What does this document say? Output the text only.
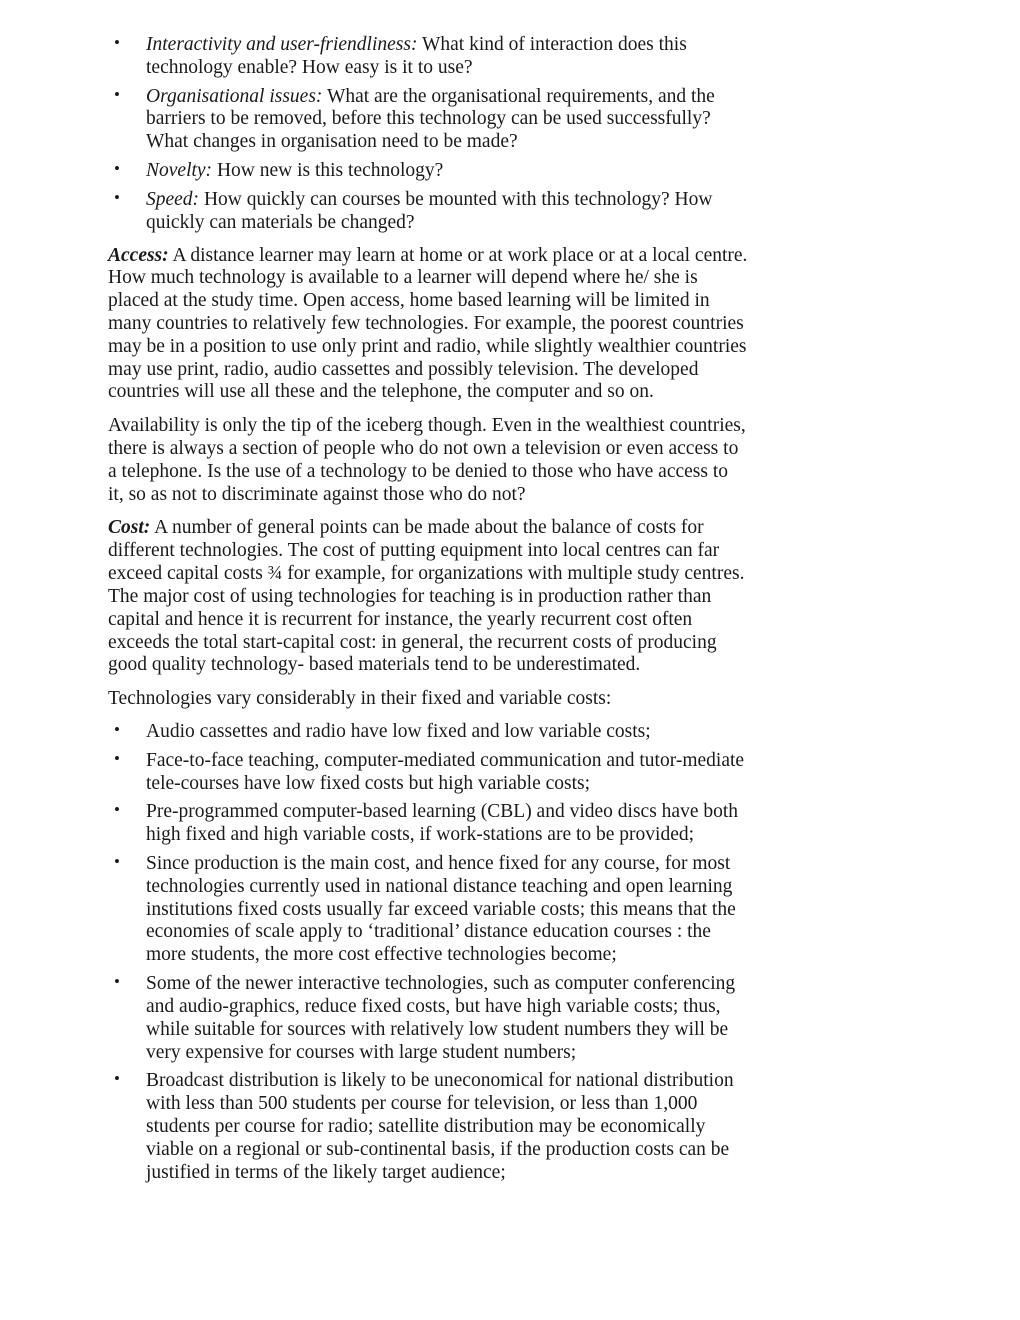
• Interactivity and user-friendliness: What kind of interaction does this technology enable? How easy is it to use?
• Organisational issues: What are the organisational requirements, and the barriers to be removed, before this technology can be used successfully? What changes in organisation need to be made?
• Novelty: How new is this technology?
• Speed: How quickly can courses be mounted with this technology? How quickly can materials be changed?

Access: A distance learner may learn at home or at work place or at a local centre. How much technology is available to a learner will depend where he/ she is placed at the study time. Open access, home based learning will be limited in many countries to relatively few technologies. For example, the poorest countries may be in a position to use only print and radio, while slightly wealthier countries may use print, radio, audio cassettes and possibly television. The developed countries will use all these and the telephone, the computer and so on.

Availability is only the tip of the iceberg though. Even in the wealthiest countries, there is always a section of people who do not own a television or even access to a telephone. Is the use of a technology to be denied to those who have access to it, so as not to discriminate against those who do not?

Cost: A number of general points can be made about the balance of costs for different technologies. The cost of putting equipment into local centres can far exceed capital costs ¾ for example, for organizations with multiple study centres. The major cost of using technologies for teaching is in production rather than capital and hence it is recurrent for instance, the yearly recurrent cost often exceeds the total start-capital cost: in general, the recurrent costs of producing good quality technology- based materials tend to be underestimated.

Technologies vary considerably in their fixed and variable costs:

• Audio cassettes and radio have low fixed and low variable costs;
• Face-to-face teaching, computer-mediated communication and tutor-mediate tele-courses have low fixed costs but high variable costs;
• Pre-programmed computer-based learning (CBL) and video discs have both high fixed and high variable costs, if work-stations are to be provided;
• Since production is the main cost, and hence fixed for any course, for most technologies currently used in national distance teaching and open learning institutions fixed costs usually far exceed variable costs; this means that the economies of scale apply to ‘traditional’ distance education courses : the more students, the more cost effective technologies become;
• Some of the newer interactive technologies, such as computer conferencing and audio-graphics, reduce fixed costs, but have high variable costs; thus, while suitable for sources with relatively low student numbers they will be very expensive for courses with large student numbers;
• Broadcast distribution is likely to be uneconomical for national distribution with less than 500 students per course for television, or less than 1,000 students per course for radio; satellite distribution may be economically viable on a regional or sub-continental basis, if the production costs can be justified in terms of the likely target audience;
